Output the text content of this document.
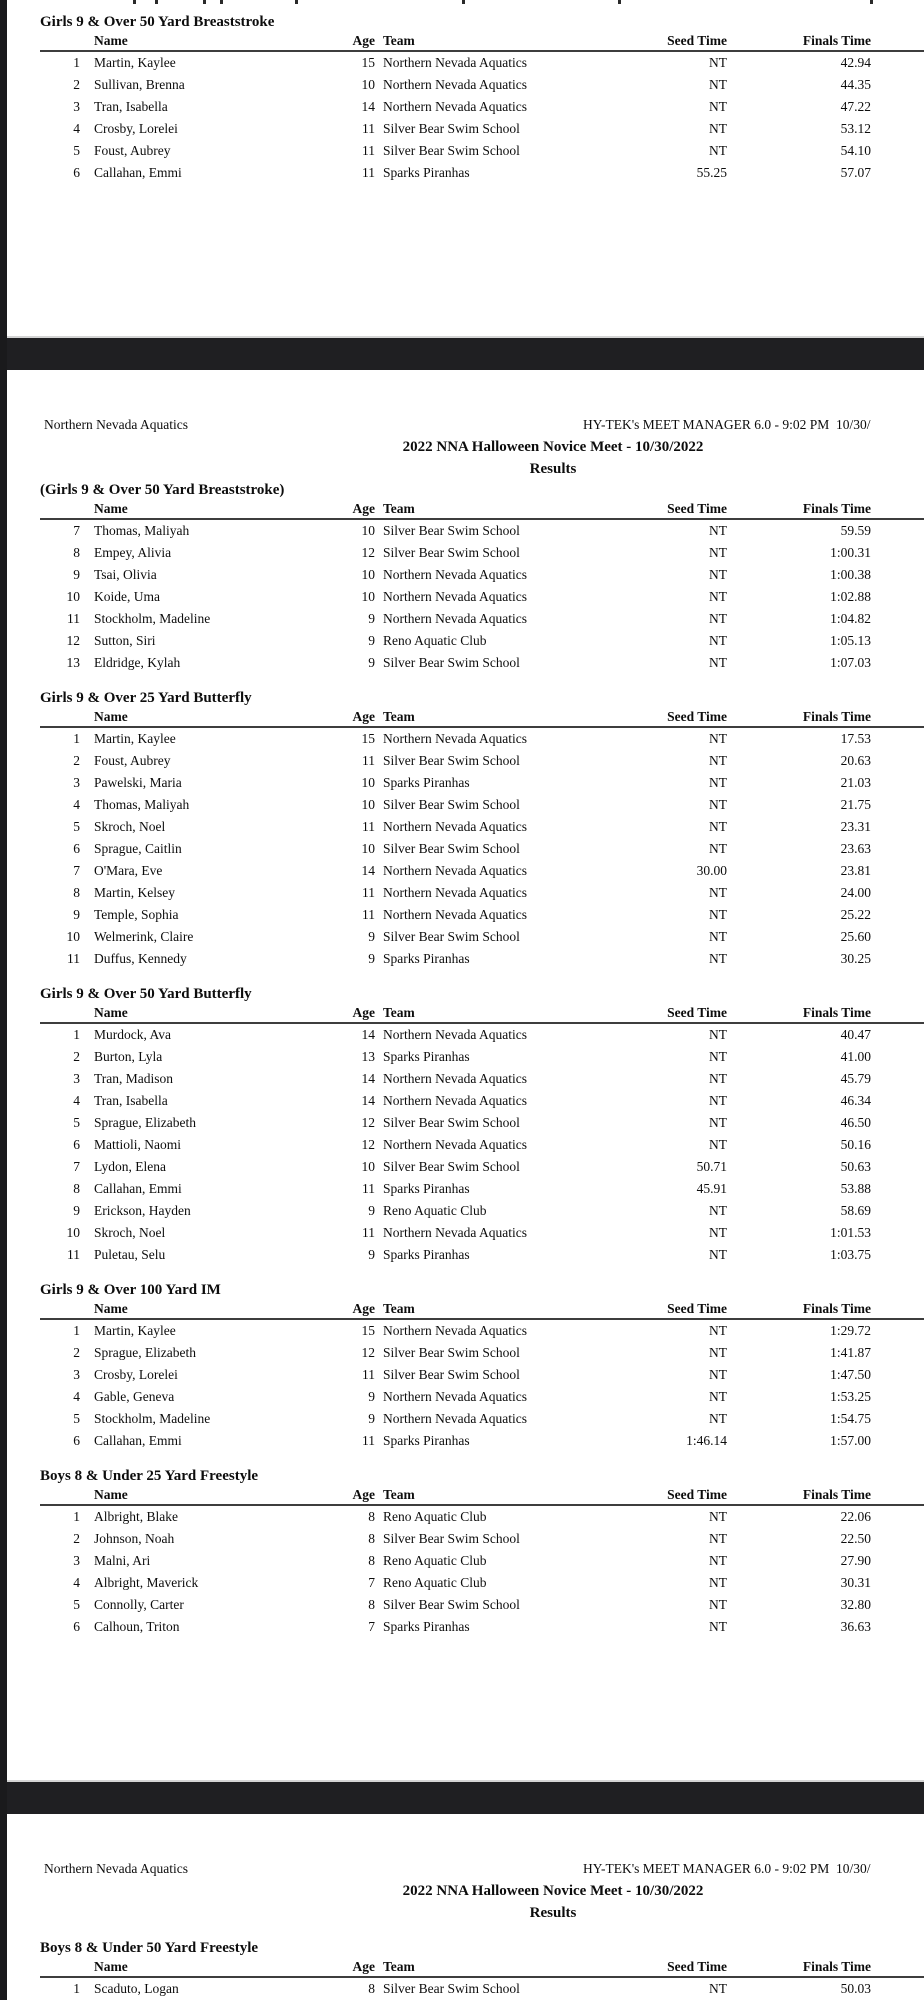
Girls 9 & Over 50 Yard Breaststroke
Name	Age Team	Seed Time	Finals Time
1 Martin, Kaylee	15 Northern Nevada Aquatics	NT	42.94
2 Sullivan, Brenna	10 Northern Nevada Aquatics	NT	44.35
3 Tran, Isabella	14 Northern Nevada Aquatics	NT	47.22
4 Crosby, Lorelei	11 Silver Bear Swim School	NT	53.12
5 Foust, Aubrey	11 Silver Bear Swim School	NT	54.10
6 Callahan, Emmi	11 Sparks Piranhas	55.25	57.07
Northern Nevada Aquatics	HY-TEK's MEET MANAGER 6.0 - 9:02 PM  10/30/
2022 NNA Halloween Novice Meet - 10/30/2022
Results
(Girls 9 & Over 50 Yard Breaststroke)
Name	Age Team	Seed Time	Finals Time
7 Thomas, Maliyah	10 Silver Bear Swim School	NT	59.59
8 Empey, Alivia	12 Silver Bear Swim School	NT	1:00.31
9 Tsai, Olivia	10 Northern Nevada Aquatics	NT	1:00.38
10 Koide, Uma	10 Northern Nevada Aquatics	NT	1:02.88
11 Stockholm, Madeline	9 Northern Nevada Aquatics	NT	1:04.82
12 Sutton, Siri	9 Reno Aquatic Club	NT	1:05.13
13 Eldridge, Kylah	9 Silver Bear Swim School	NT	1:07.03
Girls 9 & Over 25 Yard Butterfly
Name	Age Team	Seed Time	Finals Time
1 Martin, Kaylee	15 Northern Nevada Aquatics	NT	17.53
2 Foust, Aubrey	11 Silver Bear Swim School	NT	20.63
3 Pawelski, Maria	10 Sparks Piranhas	NT	21.03
4 Thomas, Maliyah	10 Silver Bear Swim School	NT	21.75
5 Skroch, Noel	11 Northern Nevada Aquatics	NT	23.31
6 Sprague, Caitlin	10 Silver Bear Swim School	NT	23.63
7 O'Mara, Eve	14 Northern Nevada Aquatics	30.00	23.81
8 Martin, Kelsey	11 Northern Nevada Aquatics	NT	24.00
9 Temple, Sophia	11 Northern Nevada Aquatics	NT	25.22
10 Welmerink, Claire	9 Silver Bear Swim School	NT	25.60
11 Duffus, Kennedy	9 Sparks Piranhas	NT	30.25
Girls 9 & Over 50 Yard Butterfly
Name	Age Team	Seed Time	Finals Time
1 Murdock, Ava	14 Northern Nevada Aquatics	NT	40.47
2 Burton, Lyla	13 Sparks Piranhas	NT	41.00
3 Tran, Madison	14 Northern Nevada Aquatics	NT	45.79
4 Tran, Isabella	14 Northern Nevada Aquatics	NT	46.34
5 Sprague, Elizabeth	12 Silver Bear Swim School	NT	46.50
6 Mattioli, Naomi	12 Northern Nevada Aquatics	NT	50.16
7 Lydon, Elena	10 Silver Bear Swim School	50.71	50.63
8 Callahan, Emmi	11 Sparks Piranhas	45.91	53.88
9 Erickson, Hayden	9 Reno Aquatic Club	NT	58.69
10 Skroch, Noel	11 Northern Nevada Aquatics	NT	1:01.53
11 Puletau, Selu	9 Sparks Piranhas	NT	1:03.75
Girls 9 & Over 100 Yard IM
Name	Age Team	Seed Time	Finals Time
1 Martin, Kaylee	15 Northern Nevada Aquatics	NT	1:29.72
2 Sprague, Elizabeth	12 Silver Bear Swim School	NT	1:41.87
3 Crosby, Lorelei	11 Silver Bear Swim School	NT	1:47.50
4 Gable, Geneva	9 Northern Nevada Aquatics	NT	1:53.25
5 Stockholm, Madeline	9 Northern Nevada Aquatics	NT	1:54.75
6 Callahan, Emmi	11 Sparks Piranhas	1:46.14	1:57.00
Boys 8 & Under 25 Yard Freestyle
Name	Age Team	Seed Time	Finals Time
1 Albright, Blake	8 Reno Aquatic Club	NT	22.06
2 Johnson, Noah	8 Silver Bear Swim School	NT	22.50
3 Malni, Ari	8 Reno Aquatic Club	NT	27.90
4 Albright, Maverick	7 Reno Aquatic Club	NT	30.31
5 Connolly, Carter	8 Silver Bear Swim School	NT	32.80
6 Calhoun, Triton	7 Sparks Piranhas	NT	36.63
Northern Nevada Aquatics	HY-TEK's MEET MANAGER 6.0 - 9:02 PM  10/30/
2022 NNA Halloween Novice Meet - 10/30/2022
Results
Boys 8 & Under 50 Yard Freestyle
Name	Age Team	Seed Time	Finals Time
1 Scaduto, Logan	8 Silver Bear Swim School	NT	50.03
